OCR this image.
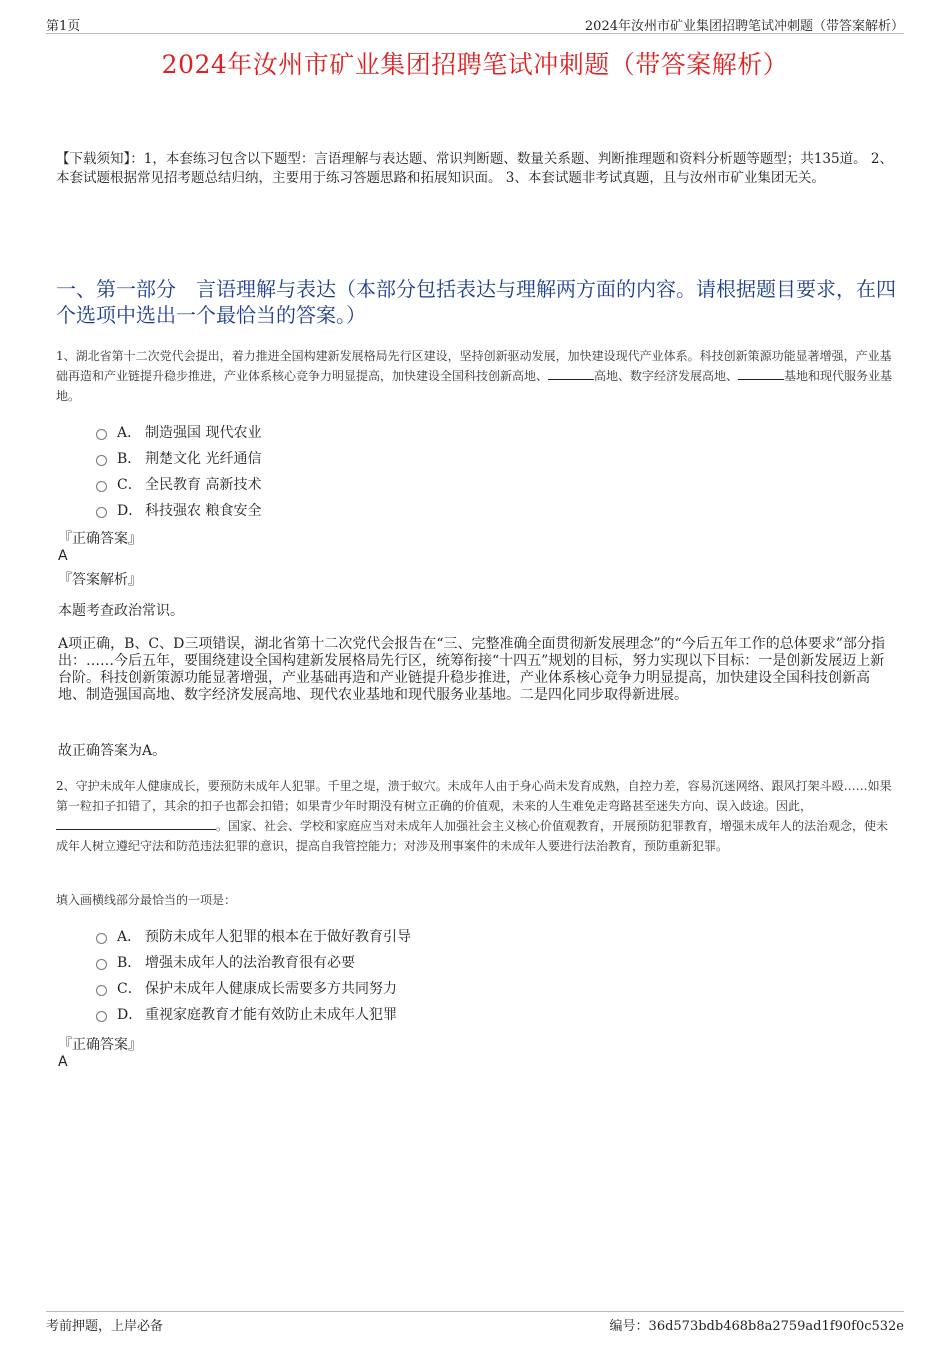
第1页	2024年汝州市矿业集团招聘笔试冲刺题（带答案解析）
2024年汝州市矿业集团招聘笔试冲刺题（带答案解析）
【下载须知】：1，本套练习包含以下题型：言语理解与表达题、常识判断题、数量关系题、判断推理题和资料分析题等题型；共135道。 2、本套试题根据常见招考题总结归纳，主要用于练习答题思路和拓展知识面。 3、本套试题非考试真题，且与汝州市矿业集团无关。
一、第一部分　言语理解与表达（本部分包括表达与理解两方面的内容。请根据题目要求，在四个选项中选出一个最恰当的答案。）
1、湖北省第十二次党代会提出，着力推进全国构建新发展格局先行区建设，坚持创新驱动发展，加快建设现代产业体系。科技创新策源功能显著增强，产业基础再造和产业链提升稳步推进，产业体系核心竞争力明显提高，加快建设全国科技创新高地、	高地、数字经济发展高地、	基地和现代服务业基地。
A． 制造强国 现代农业
B． 荆楚文化 光纤通信
C． 全民教育 高新技术
D． 科技强农 粮食安全
『正确答案』
A
『答案解析』
本题考查政治常识。
A项正确，B、C、D三项错误，湖北省第十二次党代会报告在“三、完整准确全面贯彻新发展理念”的“今后五年工作的总体要求”部分指出：……今后五年，要围绕建设全国构建新发展格局先行区，统筹衔接“十四五”规划的目标，努力实现以下目标：一是创新发展迈上新台阶。科技创新策源功能显著增强，产业基础再造和产业链提升稳步推进，产业体系核心竞争力明显提高，加快建设全国科技创新高地、制造强国高地、数字经济发展高地、现代农业基地和现代服务业基地。二是四化同步取得新进展。
故正确答案为A。
2、守护未成年人健康成长，要预防未成年人犯罪。千里之堤，溃于蚁穴。未成年人由于身心尚未发育成熟，自控力差，容易沉迷网络、跟风打架斗殴……如果第一粒扣子扣错了，其余的扣子也都会扣错；如果青少年时期没有树立正确的价值观，未来的人生难免走弯路甚至迷失方向、误入歧途。因此，。国家、社会、学校和家庭应当对未成年人加强社会主义核心价值观教育，开展预防犯罪教育，增强未成年人的法治观念，使未成年人树立遵纪守法和防范违法犯罪的意识，提高自我管控能力；对涉及刑事案件的未成年人要进行法治教育，预防重新犯罪。
填入画横线部分最恰当的一项是：
A． 预防未成年人犯罪的根本在于做好教育引导
B． 增强未成年人的法治教育很有必要
C． 保护未成年人健康成长需要多方共同努力
D． 重视家庭教育才能有效防止未成年人犯罪
『正确答案』
A
考前押题，上岸必备	编号：36d573bdb468b8a2759ad1f90f0c532e
